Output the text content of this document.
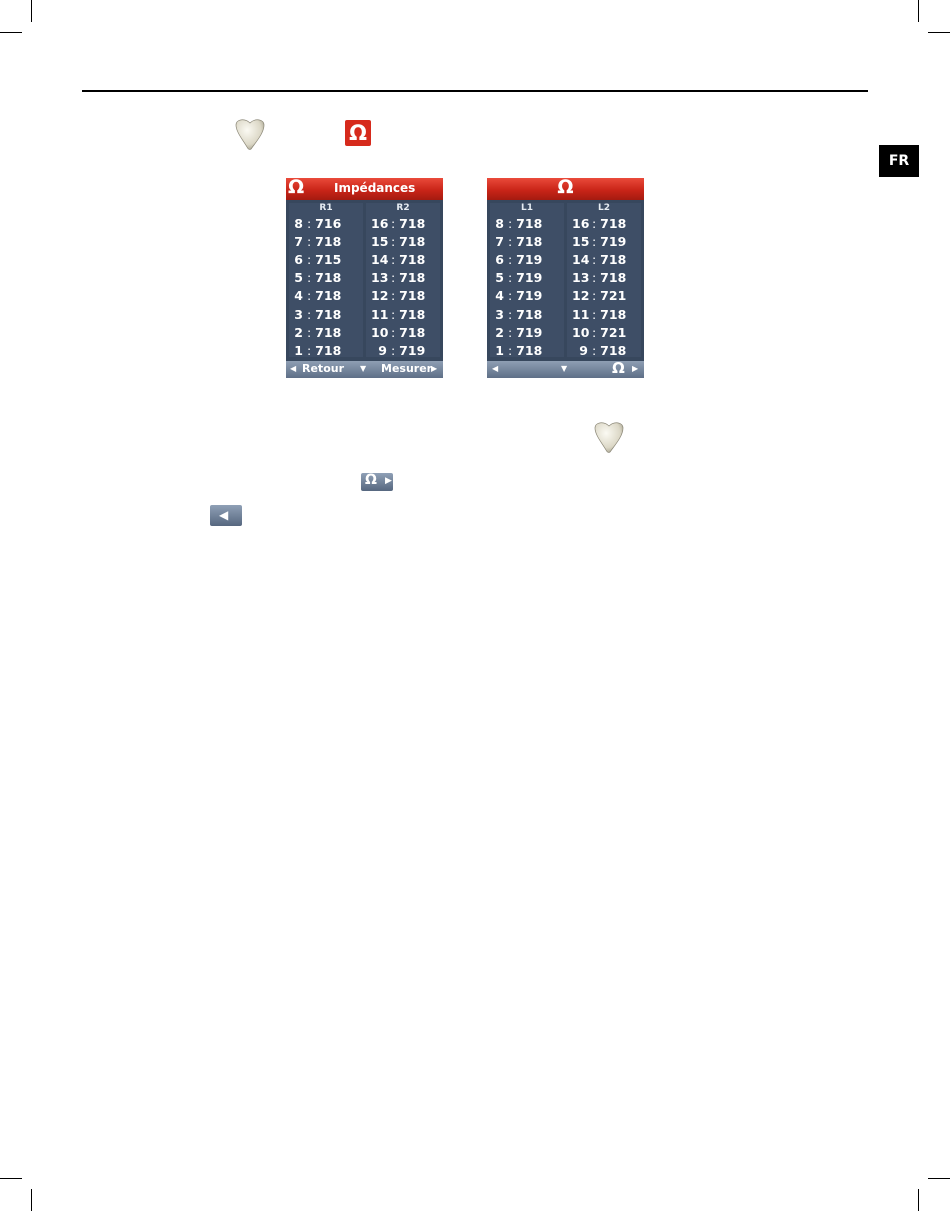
FR
Ω
Ω Impédances
R1
8 : 716
7 : 718
6 : 715
5 : 718
4 : 718
3 : 718
2 : 718
1 : 718
R2
16 : 718
15 : 718
14 : 718
13 : 718
12 : 718
11 : 718
10 : 718
9 : 719
◀ Retour ▼ Mesurer
▶
Ω
L1
8 : 718
7 : 718
6 : 719
5 : 719
4 : 719
3 : 718
2 : 719
1 : 718
L2
16 : 718
15 : 719
14 : 718
13 : 718
12 : 721
11 : 718
10 : 721
9 : 718
◀	▼	Ω ▶
Ω ▶
◀
